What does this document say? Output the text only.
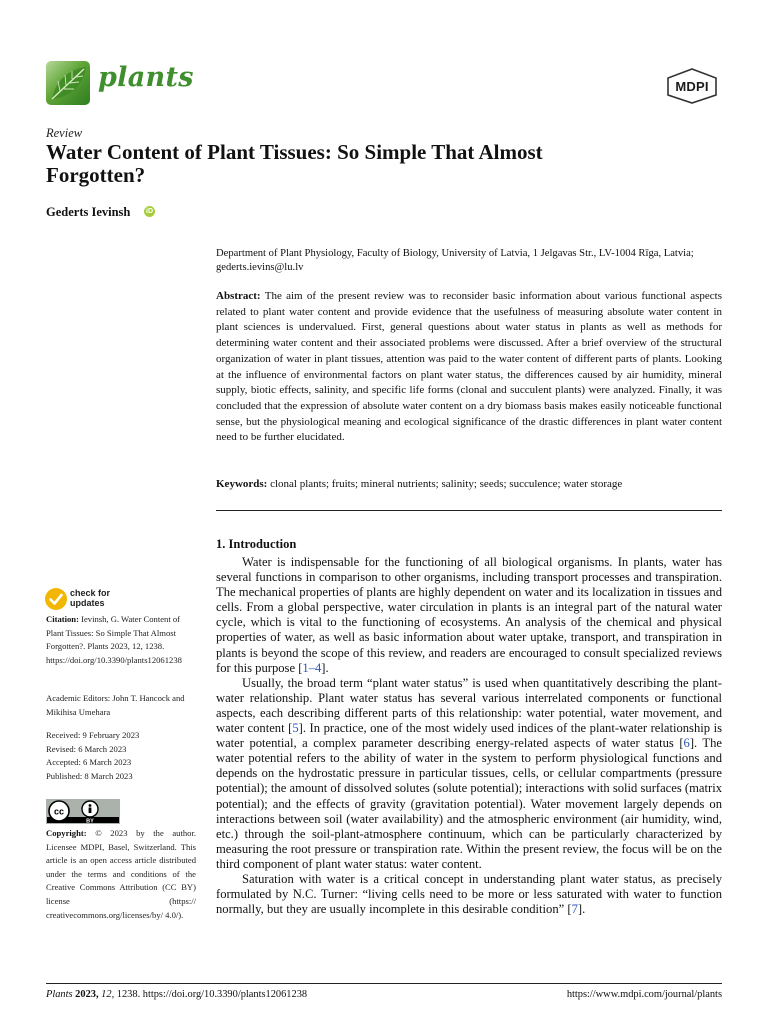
plants	MDPI
Review
Water Content of Plant Tissues: So Simple That Almost Forgotten?
Gederts Ievinsh iD
Department of Plant Physiology, Faculty of Biology, University of Latvia, 1 Jelgavas Str., LV-1004 Rīga, Latvia; gederts.ievins@lu.lv
Abstract: The aim of the present review was to reconsider basic information about various functional aspects related to plant water content and provide evidence that the usefulness of measuring absolute water content in plant sciences is undervalued. First, general questions about water status in plants as well as methods for determining water content and their associated problems were discussed. After a brief overview of the structural organization of water in plant tissues, attention was paid to the water content of different parts of plants. Looking at the influence of environmental factors on plant water status, the differences caused by air humidity, mineral supply, biotic effects, salinity, and specific life forms (clonal and succulent plants) were analyzed. Finally, it was concluded that the expression of absolute water content on a dry biomass basis makes easily noticeable functional sense, but the physiological meaning and ecological significance of the drastic differences in plant water content need to be further elucidated.
Keywords: clonal plants; fruits; mineral nutrients; salinity; seeds; succulence; water storage
1. Introduction

Water is indispensable for the functioning of all biological organisms. In plants, water has several functions in comparison to other organisms, including transport processes and transpiration. The mechanical properties of plants are highly dependent on water and its localization in tissues and cells. From a global perspective, water circulation in plants is an integral part of the natural water cycle, which is vital to the functioning of ecosystems. An analysis of the chemical and physical properties of water, as well as basic information about water uptake, transport, and transpiration in plants is beyond the scope of this review, and readers are encouraged to consult specialized reviews for this purpose [1–4].

Usually, the broad term “plant water status” is used when quantitatively describing the plant-water relationship. Plant water status has several various interrelated components or functional aspects, each describing different parts of this relationship: water potential, water movement, and water content [5]. In practice, one of the most widely used indices of the plant-water relationship is water potential, a complex parameter describing energy-related aspects of water status [6]. The water potential refers to the ability of water in the system to perform physiological functions and depends on the hydrostatic pressure in particular tissues, cells, or cellular compartments (pressure potential); the amount of dissolved solutes (solute potential); interactions with solid surfaces (matrix potential); and the effects of gravity (gravitation potential). Water movement largely depends on interactions between soil (water availability) and the atmospheric environment (air humidity, wind, etc.) through the soil-plant-atmosphere continuum, which can be particularly characterized by measuring the root pressure or transpiration rate. Within the present review, the focus will be on the third component of plant water status: water content.

Saturation with water is a critical concept in understanding plant water status, as precisely formulated by N.C. Turner: “living cells need to be more or less saturated with water to function normally, but they are usually incomplete in this desirable condition” [7].

check for
updates
Citation: Ievinsh, G. Water Content of Plant Tissues: So Simple That Almost Forgotten?. Plants 2023, 12, 1238. https://doi.org/10.3390/plants12061238
Academic Editors: John T. Hancock and Mikihisa Umehara
Received: 9 February 2023
Revised: 6 March 2023
Accepted: 6 March 2023
Published: 8 March 2023
cc
BY
Copyright: © 2023 by the author. Licensee MDPI, Basel, Switzerland. This article is an open access article distributed under the terms and conditions of the Creative Commons Attribution (CC BY) license (https:// creativecommons.org/licenses/by/ 4.0/).
Plants 2023, 12, 1238. https://doi.org/10.3390/plants12061238	https://www.mdpi.com/journal/plants
